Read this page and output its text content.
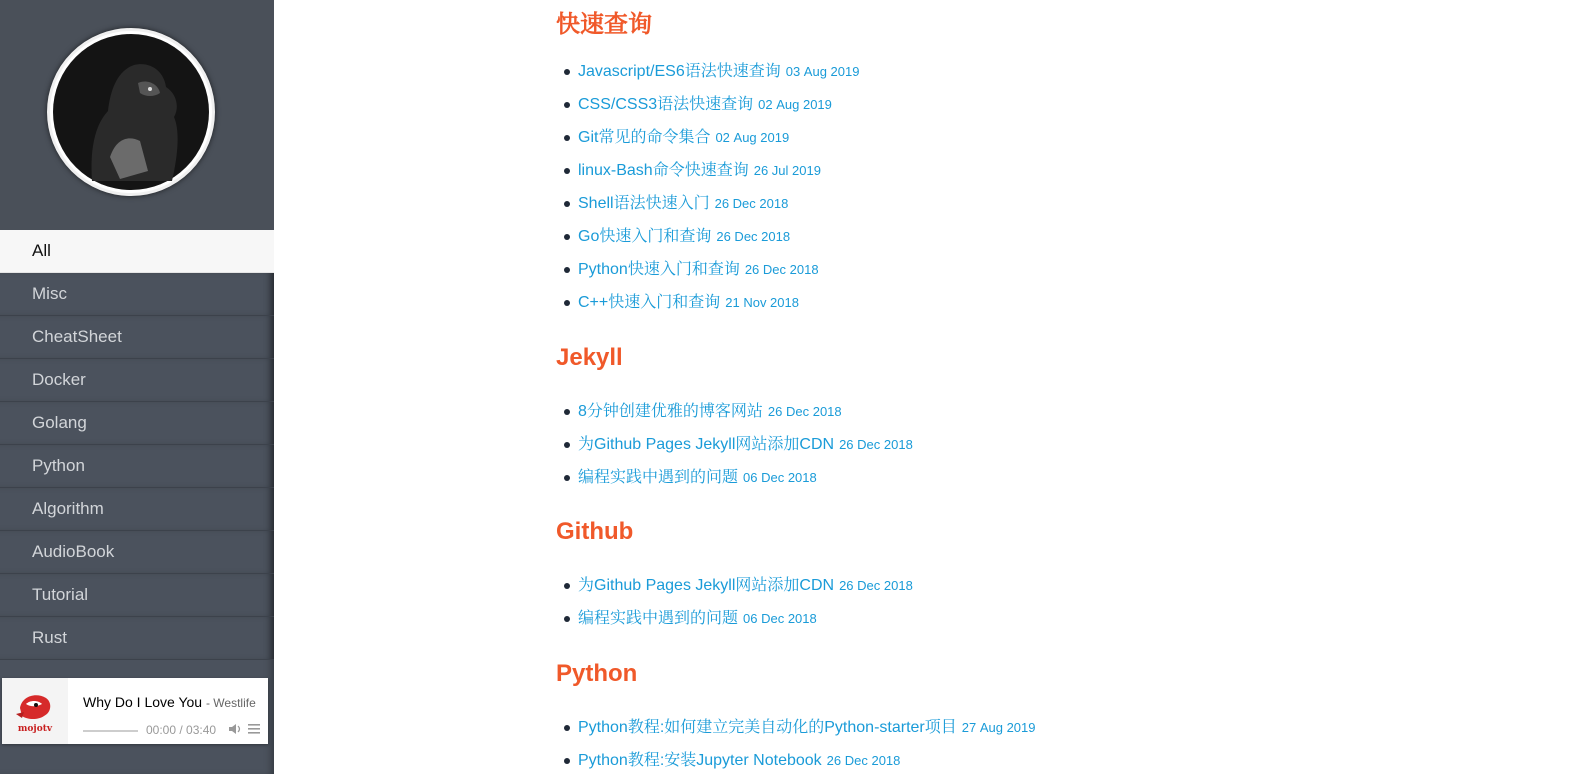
All
Misc
CheatSheet
Docker
Golang
Python
Algorithm
AudioBook
Tutorial
Rust
mojotv
Why Do I Love You - Westlife
00:00 / 03:40
快速查询
Javascript/ES6语法快速查询 03 Aug 2019
CSS/CSS3语法快速查询 02 Aug 2019
Git常见的命令集合 02 Aug 2019
linux-Bash命令快速查询 26 Jul 2019
Shell语法快速入门 26 Dec 2018
Go快速入门和查询 26 Dec 2018
Python快速入门和查询 26 Dec 2018
C++快速入门和查询 21 Nov 2018
Jekyll
8分钟创建优雅的博客网站 26 Dec 2018
为Github Pages Jekyll网站添加CDN 26 Dec 2018
编程实践中遇到的问题 06 Dec 2018
Github
为Github Pages Jekyll网站添加CDN 26 Dec 2018
编程实践中遇到的问题 06 Dec 2018
Python
Python教程:如何建立完美自动化的Python-starter项目 27 Aug 2019
Python教程:安装Jupyter Notebook 26 Dec 2018
